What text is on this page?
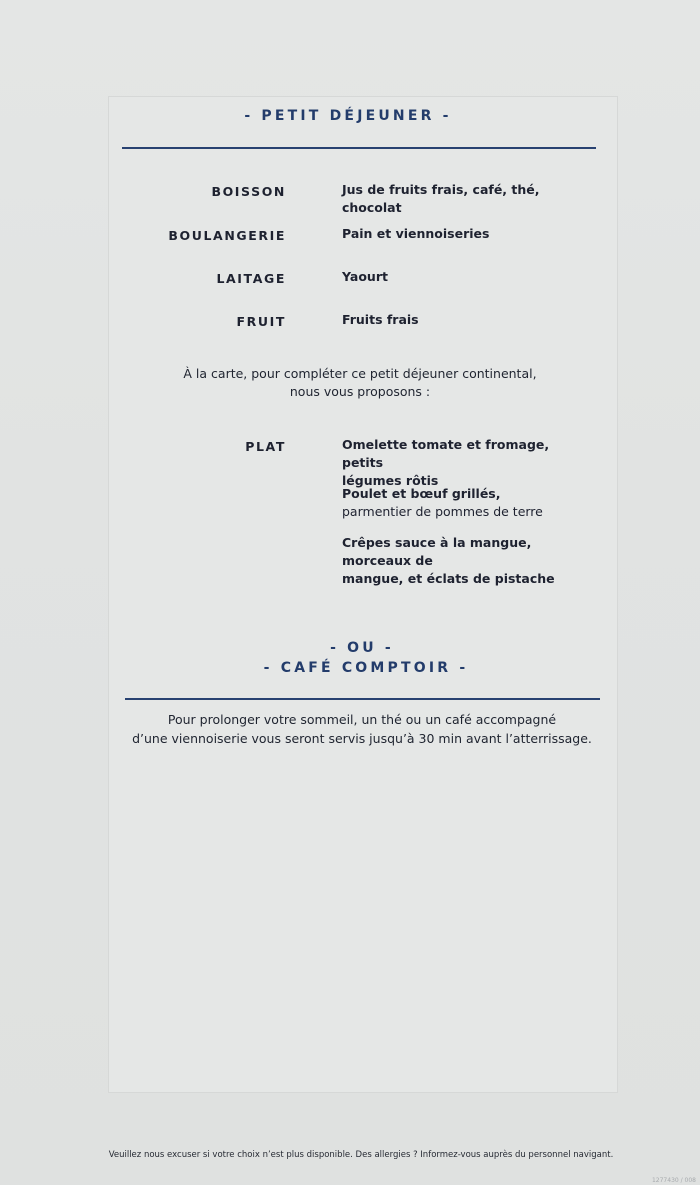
- PETIT DÉJEUNER -
BOISSON	Jus de fruits frais, café, thé, chocolat
BOULANGERIE	Pain et viennoiseries
LAITAGE	Yaourt
FRUIT	Fruits frais
À la carte, pour compléter ce petit déjeuner continental,
nous vous proposons :
PLAT	Omelette tomate et fromage, petits
légumes rôtis
Poulet et bœuf grillés,
parmentier de pommes de terre
Crêpes sauce à la mangue, morceaux de
mangue, et éclats de pistache
- OU -
- CAFÉ COMPTOIR -
Pour prolonger votre sommeil, un thé ou un café accompagné
d’une viennoiserie vous seront servis jusqu’à 30 min avant l’atterrissage.
Veuillez nous excuser si votre choix n’est plus disponible. Des allergies ? Informez-vous auprès du personnel navigant.
1277430 / 008
